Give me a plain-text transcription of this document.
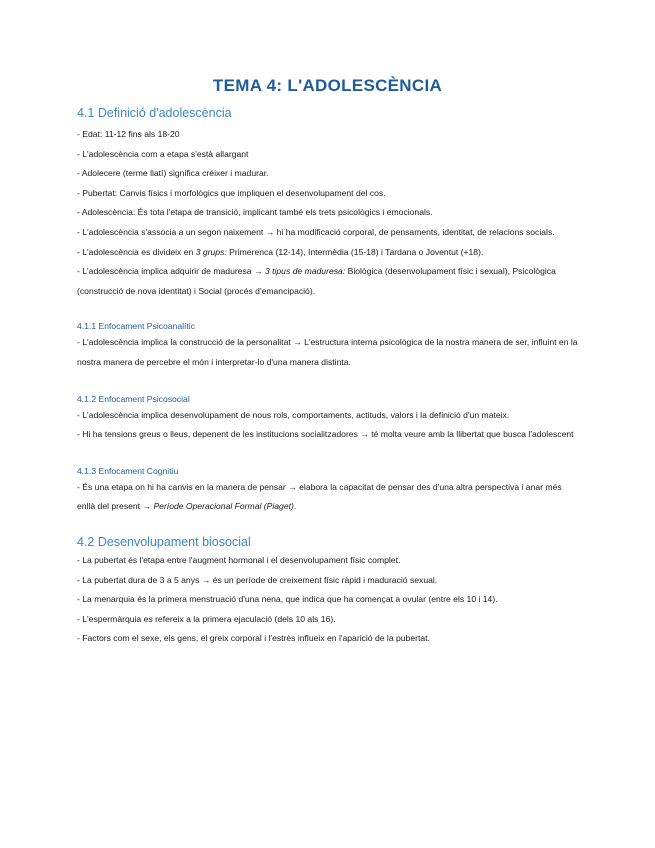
TEMA 4: L'ADOLESCÈNCIA
4.1 Definició d'adolescència

- Edat: 11-12 fins als 18-20

- L'adolescència com a etapa s'està allargant

- Adolecere (terme llatí) significa créixer i madurar.

- Pubertat: Canvis físics i morfològics que impliquen el desenvolupament del cos.

- Adolescència: És tota l'etapa de transició, implicant també els trets psicològics i emocionals.

- L'adolescència s'associa a un segon naixement → hi ha modificació corporal, de pensaments, identitat, de relacions socials.

- L'adolescència es divideix en 3 grups: Primerenca (12-14), Intermèdia (15-18) i Tardana o Joventut (+18).

- L'adolescència implica adquirir de maduresa → 3 tipus de maduresa: Biològica (desenvolupament físic i sexual), Psicològica (construcció de nova identitat) i Social (procés d'emancipació).

4.1.1 Enfocament Psicoanalític

- L'adolescència implica la construcció de la personalitat → L'estructura interna psicològica de la nostra manera de ser, influint en la nostra manera de percebre el món i interpretar-lo d'una manera distinta.

4.1.2 Enfocament Psicosocial

- L'adolescència implica desenvolupament de nous rols, comportaments, actituds, valors i la definició d'un mateix.

- Hi ha tensions greus o lleus, depenent de les institucions socialitzadores → té molta veure amb la llibertat que busca l'adolescent

4.1.3 Enfocament Cognitiu

- És una etapa on hi ha canvis en la manera de pensar → elabora la capacitat de pensar des d'una altra perspectiva i anar més enllà del present → Període Operacional Formal (Piaget).

4.2 Desenvolupament biosocial

- La pubertat és l'etapa entre l'augment hormonal i el desenvolupament físic complet.

- La pubertat dura de 3 a 5 anys → és un període de creixement físic ràpid i maduració sexual.

- La menarquia és la primera menstruació d'una nena, que indica que ha començat a ovular (entre els 10 i 14).

- L'espermàrquia es refereix a la primera ejaculació (dels 10 als 16).

- Factors com el sexe, els gens, el greix corporal i l'estrès influeix en l'aparició de la pubertat.
